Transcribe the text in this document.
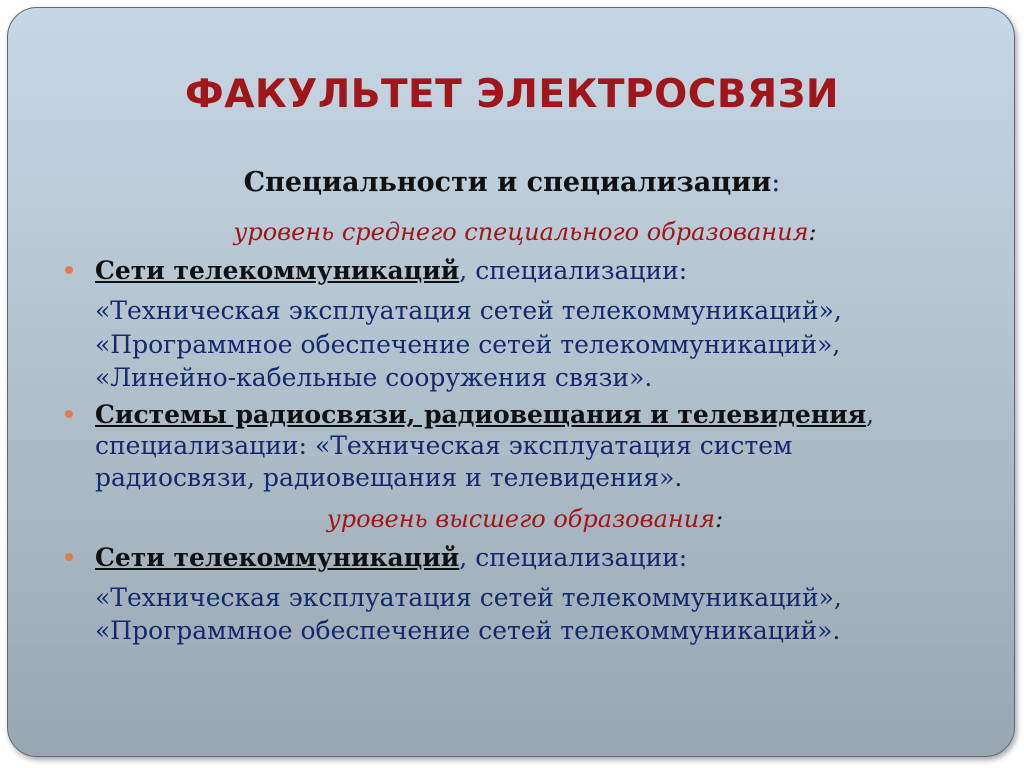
ФАКУЛЬТЕТ ЭЛЕКТРОСВЯЗИ
Специальности и специализации:
уровень среднего специального образования:
Сети телекоммуникаций, специализации:
«Техническая эксплуатация сетей телекоммуникаций»,
«Программное обеспечение сетей телекоммуникаций»,
«Линейно-кабельные сооружения связи».
Системы радиосвязи, радиовещания и телевидения,
специализации: «Техническая эксплуатация систем
радиосвязи, радиовещания и телевидения».
уровень высшего образования:
Сети телекоммуникаций, специализации:
«Техническая эксплуатация сетей телекоммуникаций»,
«Программное обеспечение сетей телекоммуникаций».
